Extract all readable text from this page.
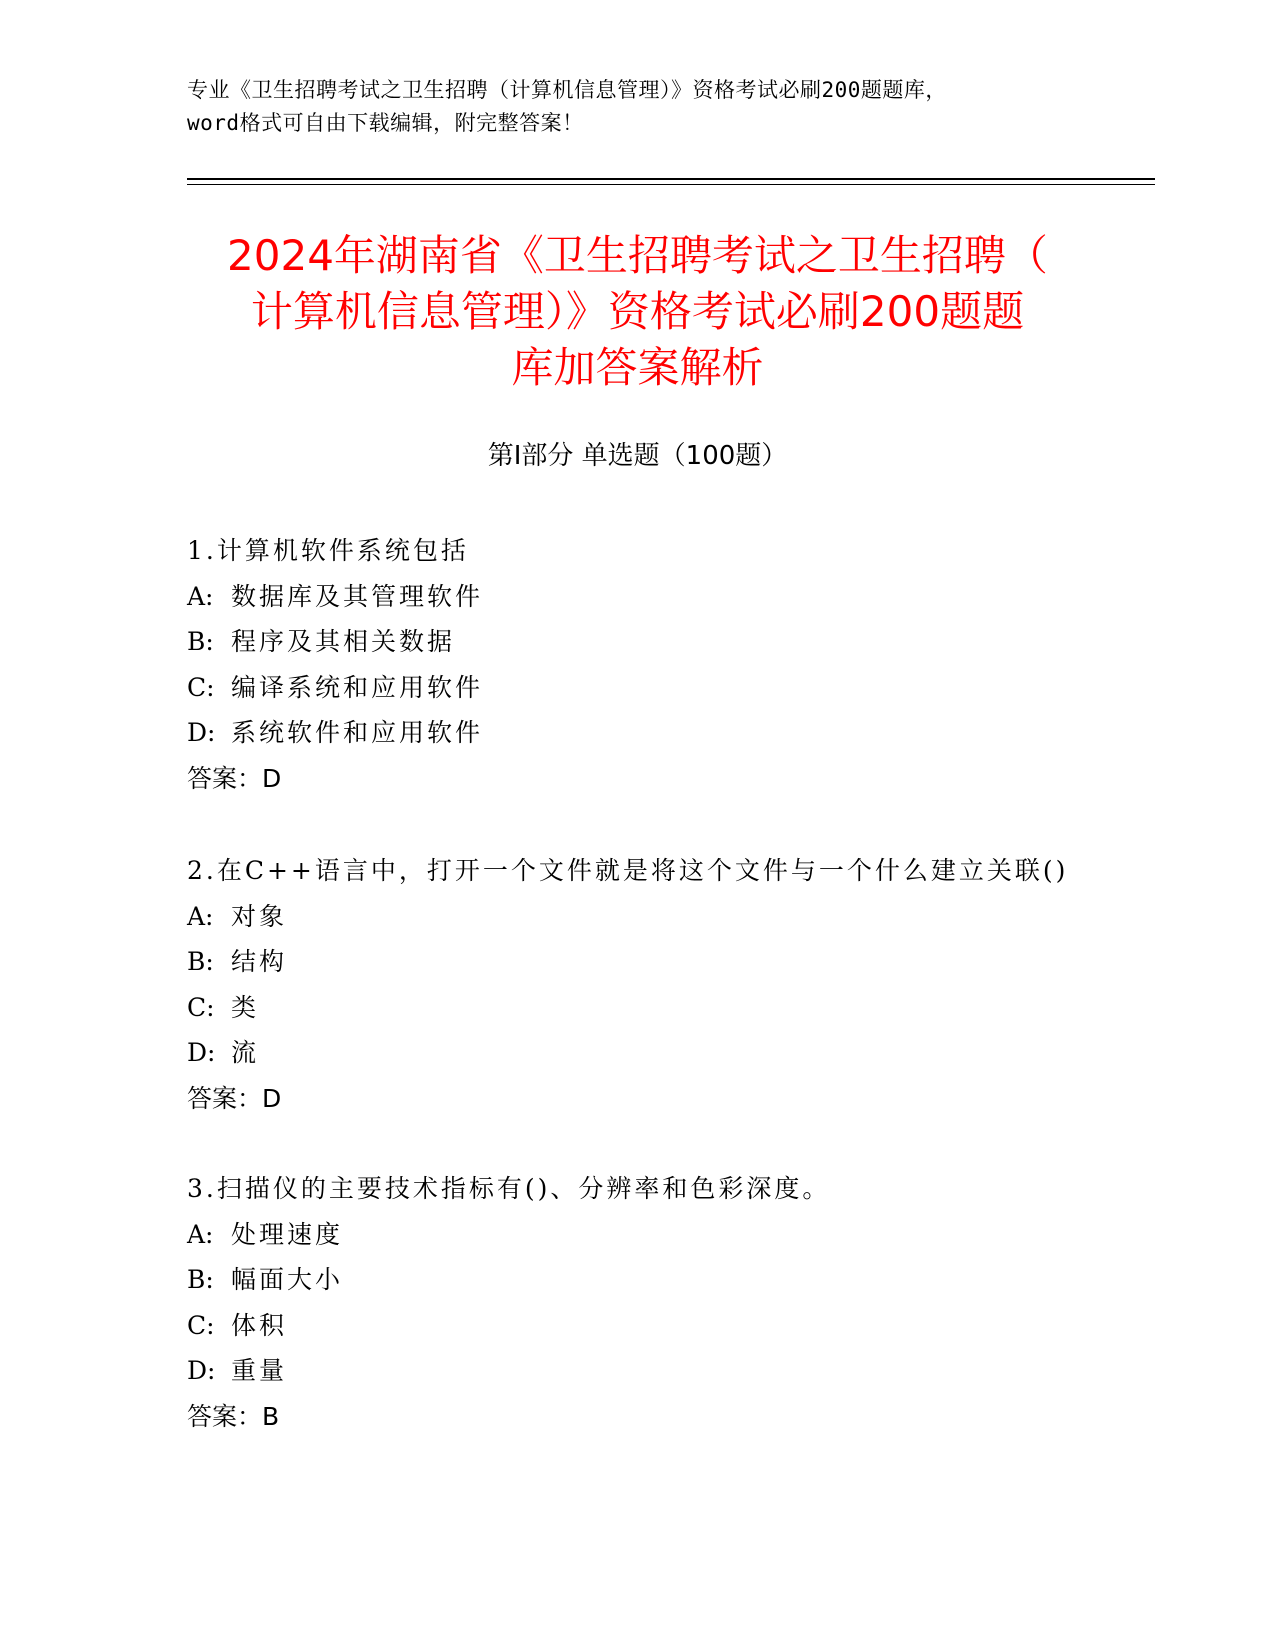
专业《卫生招聘考试之卫生招聘（计算机信息管理）》资格考试必刷200题题库，
word格式可自由下载编辑，附完整答案！
2024年湖南省《卫生招聘考试之卫生招聘（
计算机信息管理）》资格考试必刷200题题
库加答案解析
第Ⅰ部分 单选题（100题）
1.计算机软件系统包括
A: 数据库及其管理软件
B: 程序及其相关数据
C: 编译系统和应用软件
D: 系统软件和应用软件
答案：D
2.在C++语言中，打开一个文件就是将这个文件与一个什么建立关联()
A: 对象
B: 结构
C: 类
D: 流
答案：D
3.扫描仪的主要技术指标有()、分辨率和色彩深度。
A: 处理速度
B: 幅面大小
C: 体积
D: 重量
答案：B
